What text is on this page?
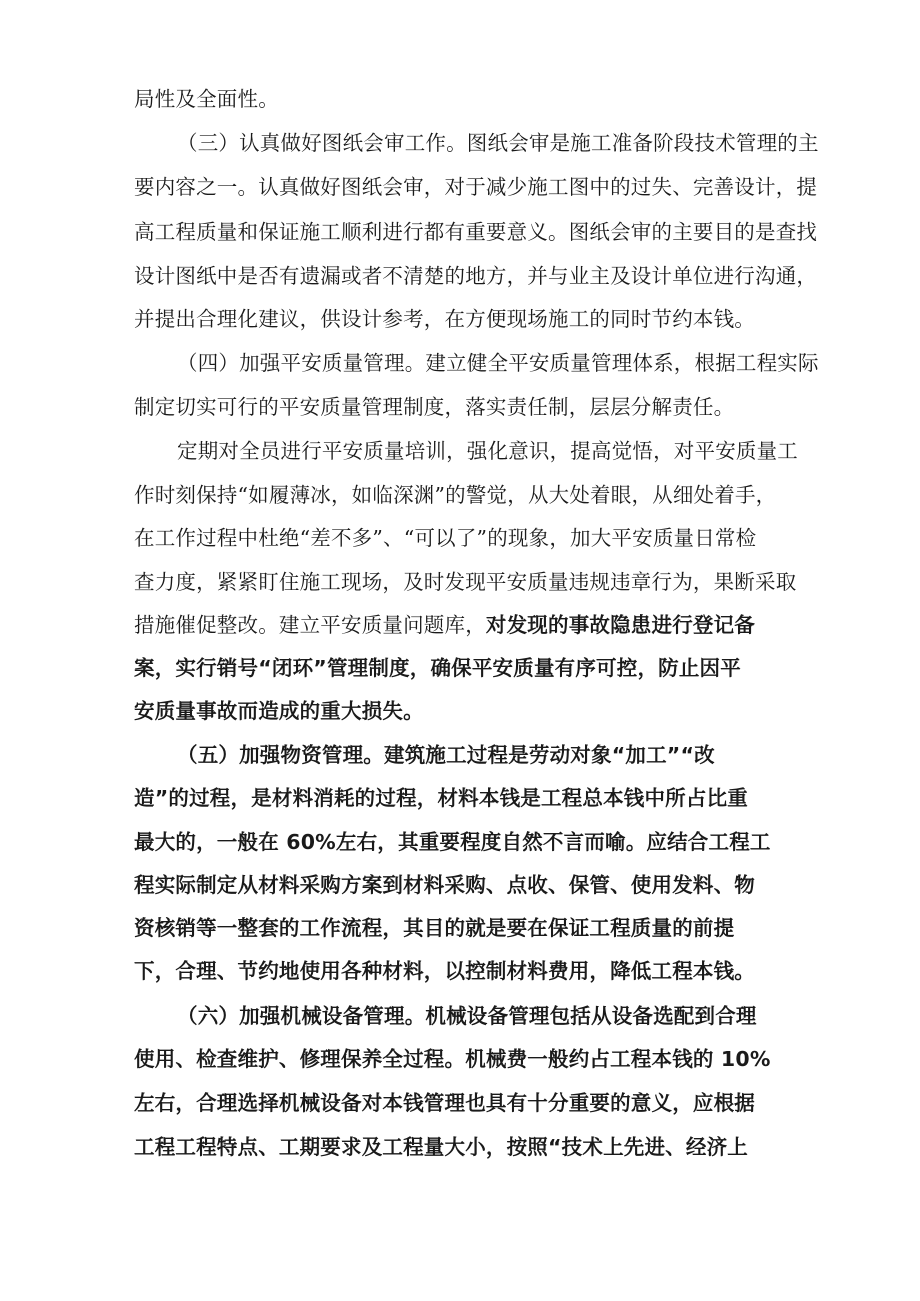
局性及全面性。
（三）认真做好图纸会审工作。图纸会审是施工准备阶段技术管理的主
要内容之一。认真做好图纸会审，对于减少施工图中的过失、完善设计，提
高工程质量和保证施工顺利进行都有重要意义。图纸会审的主要目的是查找
设计图纸中是否有遗漏或者不清楚的地方，并与业主及设计单位进行沟通，
并提出合理化建议，供设计参考，在方便现场施工的同时节约本钱。
（四）加强平安质量管理。建立健全平安质量管理体系，根据工程实际
制定切实可行的平安质量管理制度，落实责任制，层层分解责任。
定期对全员进行平安质量培训，强化意识，提高觉悟，对平安质量工
作时刻保持“如履薄冰，如临深渊”的警觉，从大处着眼，从细处着手，
在工作过程中杜绝“差不多”、“可以了”的现象，加大平安质量日常检
查力度，紧紧盯住施工现场，及时发现平安质量违规违章行为，果断采取
措施催促整改。建立平安质量问题库，对发现的事故隐患进行登记备
案，实行销号“闭环”管理制度，确保平安质量有序可控，防止因平
安质量事故而造成的重大损失。
（五）加强物资管理。建筑施工过程是劳动对象“加工”“改
造”的过程，是材料消耗的过程，材料本钱是工程总本钱中所占比重
最大的，一般在 60%左右，其重要程度自然不言而喻。应结合工程工
程实际制定从材料采购方案到材料采购、点收、保管、使用发料、物
资核销等一整套的工作流程，其目的就是要在保证工程质量的前提
下，合理、节约地使用各种材料，以控制材料费用，降低工程本钱。
（六）加强机械设备管理。机械设备管理包括从设备选配到合理
使用、检查维护、修理保养全过程。机械费一般约占工程本钱的 10%
左右，合理选择机械设备对本钱管理也具有十分重要的意义，应根据
工程工程特点、工期要求及工程量大小，按照“技术上先进、经济上
